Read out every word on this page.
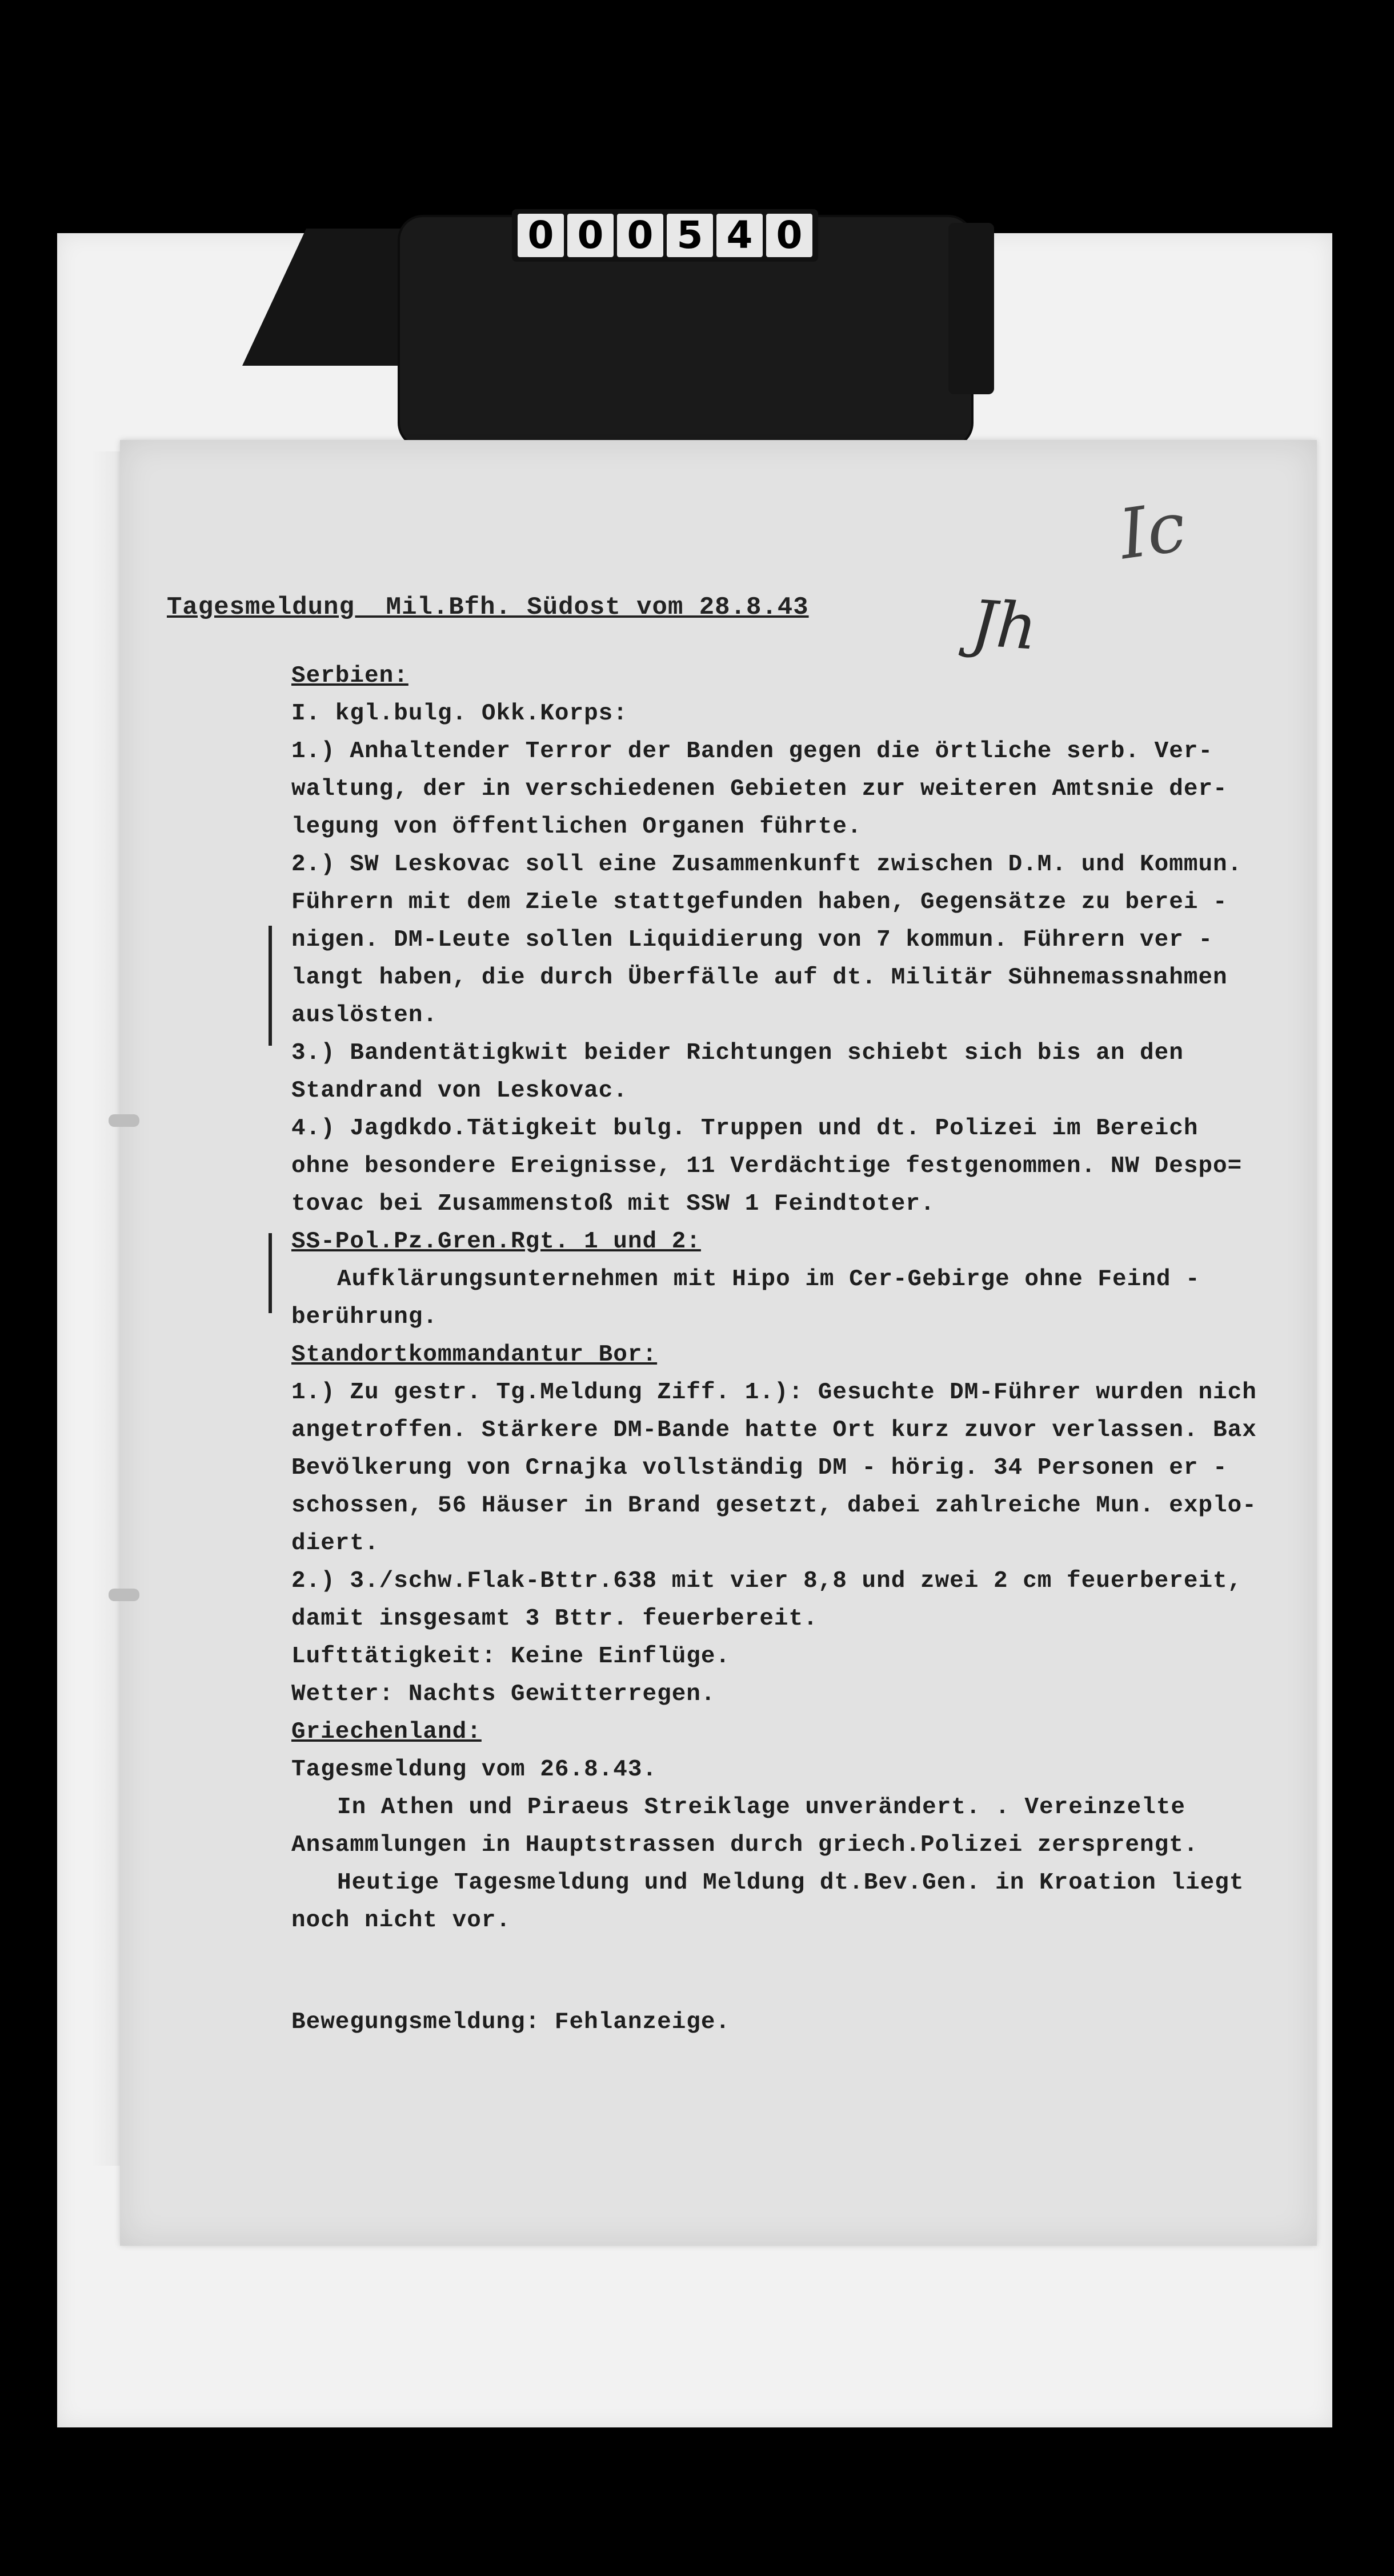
0 0 0 5 4 0
Ic
Jh
Tagesmeldung  Mil.Bfh. Südost vom 28.8.43
Serbien:
I. kgl.bulg. Okk.Korps:
1.) Anhaltender Terror der Banden gegen die örtliche serb. Ver-
waltung, der in verschiedenen Gebieten zur weiteren Amtsnie der-
legung von öffentlichen Organen führte.
2.) SW Leskovac soll eine Zusammenkunft zwischen D.M. und Kommun.
Führern mit dem Ziele stattgefunden haben, Gegensätze zu berei -
nigen. DM-Leute sollen Liquidierung von 7 kommun. Führern ver -
langt haben, die durch Überfälle auf dt. Militär Sühnemassnahmen
auslösten.
3.) Bandentätigkwit beider Richtungen schiebt sich bis an den
Standrand von Leskovac.
4.) Jagdkdo.Tätigkeit bulg. Truppen und dt. Polizei im Bereich
ohne besondere Ereignisse, 11 Verdächtige festgenommen. NW Despo=
tovac bei Zusammenstoß mit SSW 1 Feindtoter.
SS-Pol.Pz.Gren.Rgt. 1 und 2:
Aufklärungsunternehmen mit Hipo im Cer-Gebirge ohne Feind -
berührung.
Standortkommandantur Bor:
1.) Zu gestr. Tg.Meldung Ziff. 1.): Gesuchte DM-Führer wurden nich
angetroffen. Stärkere DM-Bande hatte Ort kurz zuvor verlassen. Bax
Bevölkerung von Crnajka vollständig DM - hörig. 34 Personen er -
schossen, 56 Häuser in Brand gesetzt, dabei zahlreiche Mun. explo-
diert.
2.) 3./schw.Flak-Bttr.638 mit vier 8,8 und zwei 2 cm feuerbereit,
damit insgesamt 3 Bttr. feuerbereit.
Lufttätigkeit: Keine Einflüge.
Wetter: Nachts Gewitterregen.
Griechenland:
Tagesmeldung vom 26.8.43.
In Athen und Piraeus Streiklage unverändert. . Vereinzelte
Ansammlungen in Hauptstrassen durch griech.Polizei zersprengt.
Heutige Tagesmeldung und Meldung dt.Bev.Gen. in Kroation liegt
noch nicht vor.
Bewegungsmeldung: Fehlanzeige.
